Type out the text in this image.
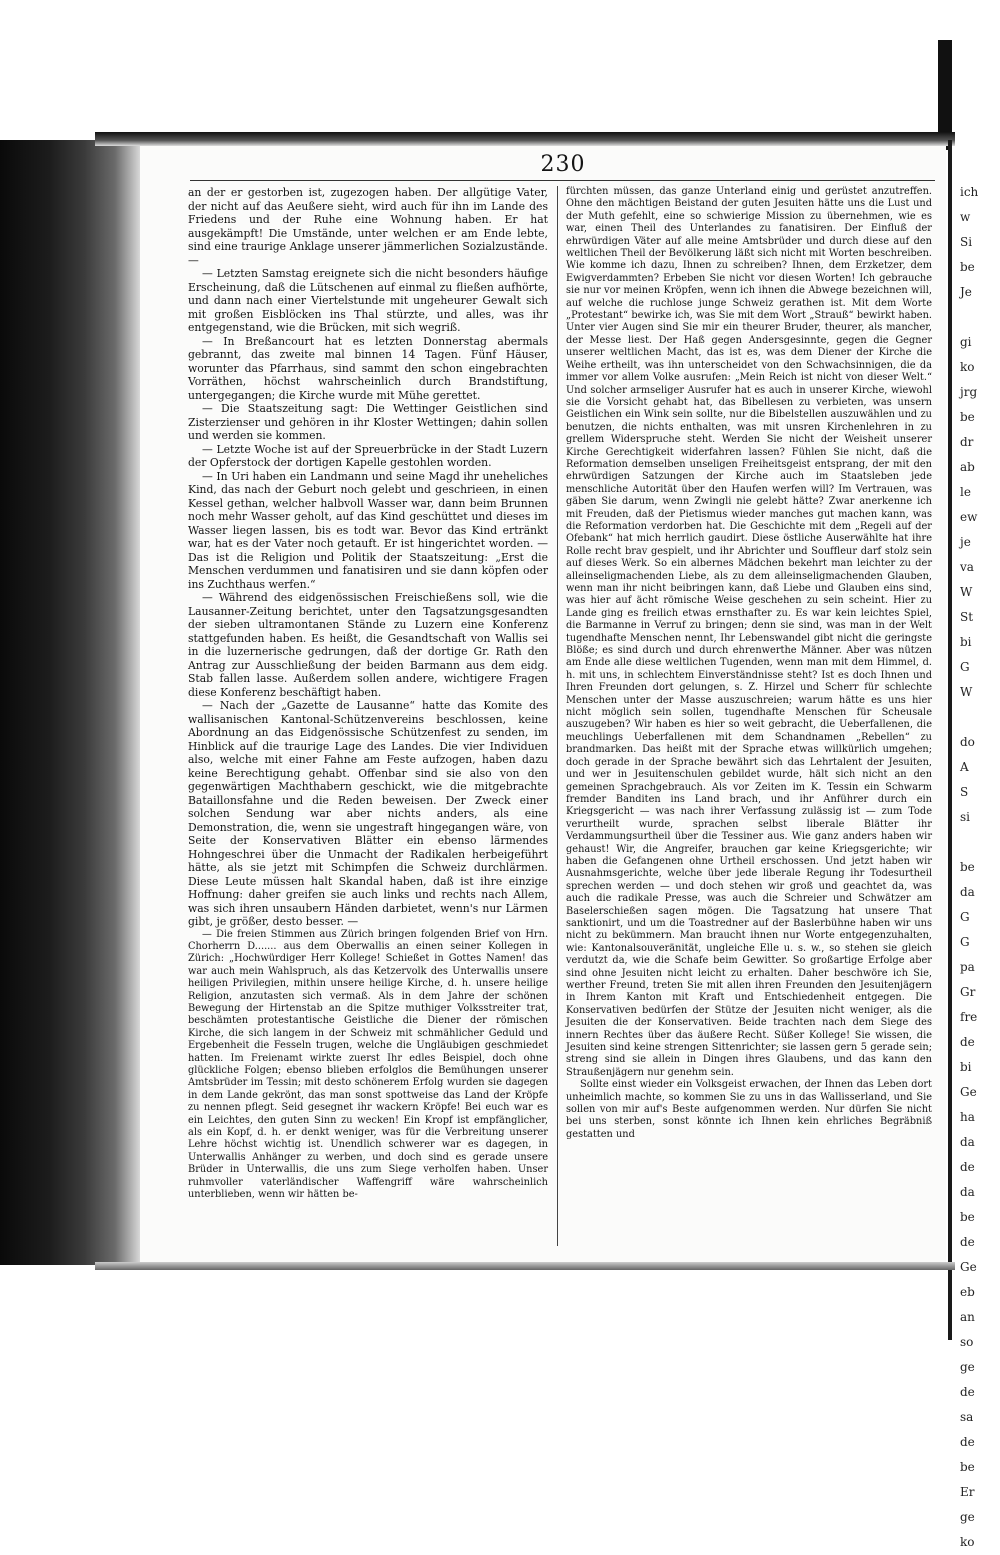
230

an der er gestorben ist, zugezogen haben. Der allgütige Vater, der nicht auf das Aeußere sieht, wird auch für ihn im Lande des Friedens und der Ruhe eine Wohnung haben. Er hat ausgekämpft! Die Umstände, unter welchen er am Ende lebte, sind eine traurige Anklage unserer jämmerlichen Sozialzustände. —

— Letzten Samstag ereignete sich die nicht besonders häufige Erscheinung, daß die Lütschenen auf einmal zu fließen aufhörte, und dann nach einer Viertelstunde mit ungeheurer Gewalt sich mit großen Eisblöcken ins Thal stürzte, und alles, was ihr entgegenstand, wie die Brücken, mit sich wegriß.

— In Breßancourt hat es letzten Donnerstag abermals gebrannt, das zweite mal binnen 14 Tagen. Fünf Häuser, worunter das Pfarrhaus, sind sammt den schon eingebrachten Vorräthen, höchst wahrscheinlich durch Brandstiftung, untergegangen; die Kirche wurde mit Mühe gerettet.

— Die Staatszeitung sagt: Die Wettinger Geistlichen sind Zisterzienser und gehören in ihr Kloster Wettingen; dahin sollen und werden sie kommen.

— Letzte Woche ist auf der Spreuerbrücke in der Stadt Luzern der Opferstock der dortigen Kapelle gestohlen worden.

— In Uri haben ein Landmann und seine Magd ihr uneheliches Kind, das nach der Geburt noch gelebt und geschrieen, in einen Kessel gethan, welcher halbvoll Wasser war, dann beim Brunnen noch mehr Wasser geholt, auf das Kind geschüttet und dieses im Wasser liegen lassen, bis es todt war. Bevor das Kind ertränkt war, hat es der Vater noch getauft. Er ist hingerichtet worden. — Das ist die Religion und Politik der Staatszeitung: „Erst die Menschen verdummen und fanatisiren und sie dann köpfen oder ins Zuchthaus werfen.“

— Während des eidgenössischen Freischießens soll, wie die Lausanner-Zeitung berichtet, unter den Tagsatzungsgesandten der sieben ultramontanen Stände zu Luzern eine Konferenz stattgefunden haben. Es heißt, die Gesandtschaft von Wallis sei in die luzernerische gedrungen, daß der dortige Gr. Rath den Antrag zur Ausschließung der beiden Barmann aus dem eidg. Stab fallen lasse. Außerdem sollen andere, wichtigere Fragen diese Konferenz beschäftigt haben.

— Nach der „Gazette de Lausanne“ hatte das Komite des wallisanischen Kantonal-Schützenvereins beschlossen, keine Abordnung an das Eidgenössische Schützenfest zu senden, im Hinblick auf die traurige Lage des Landes. Die vier Individuen also, welche mit einer Fahne am Feste aufzogen, haben dazu keine Berechtigung gehabt. Offenbar sind sie also von den gegenwärtigen Machthabern geschickt, wie die mitgebrachte Bataillonsfahne und die Reden beweisen. Der Zweck einer solchen Sendung war aber nichts anders, als eine Demonstration, die, wenn sie ungestraft hingegangen wäre, von Seite der Konservativen Blätter ein ebenso lärmendes Hohngeschrei über die Unmacht der Radikalen herbeigeführt hätte, als sie jetzt mit Schimpfen die Schweiz durchlärmen. Diese Leute müssen halt Skandal haben, daß ist ihre einzige Hoffnung: daher greifen sie auch links und rechts nach Allem, was sich ihren unsaubern Händen darbietet, wenn's nur Lärmen gibt, je größer, desto besser. —

— Die freien Stimmen aus Zürich bringen folgenden Brief von Hrn. Chorherrn D....... aus dem Oberwallis an einen seiner Kollegen in Zürich: „Hochwürdiger Herr Kollege! Schießet in Gottes Namen! das war auch mein Wahlspruch, als das Ketzervolk des Unterwallis unsere heiligen Privilegien, mithin unsere heilige Kirche, d. h. unsere heilige Religion, anzutasten sich vermaß. Als in dem Jahre der schönen Bewegung der Hirtenstab an die Spitze muthiger Volksstreiter trat, beschämten protestantische Geistliche die Diener der römischen Kirche, die sich langem in der Schweiz mit schmählicher Geduld und Ergebenheit die Fesseln trugen, welche die Ungläubigen geschmiedet hatten. Im Freienamt wirkte zuerst Ihr edles Beispiel, doch ohne glückliche Folgen; ebenso blieben erfolglos die Bemühungen unserer Amtsbrüder im Tessin; mit desto schönerem Erfolg wurden sie dagegen in dem Lande gekrönt, das man sonst spottweise das Land der Kröpfe zu nennen pflegt. Seid gesegnet ihr wackern Kröpfe! Bei euch war es ein Leichtes, den guten Sinn zu wecken! Ein Kropf ist empfänglicher, als ein Kopf, d. h. er denkt weniger, was für die Verbreitung unserer Lehre höchst wichtig ist. Unendlich schwerer war es dagegen, in Unterwallis Anhänger zu werben, und doch sind es gerade unsere Brüder in Unterwallis, die uns zum Siege verholfen haben. Unser ruhmvoller vaterländischer Waffengriff wäre wahrscheinlich unterblieben, wenn wir hätten be-

fürchten müssen, das ganze Unterland einig und gerüstet anzutreffen. Ohne den mächtigen Beistand der guten Jesuiten hätte uns die Lust und der Muth gefehlt, eine so schwierige Mission zu übernehmen, wie es war, einen Theil des Unterlandes zu fanatisiren. Der Einfluß der ehrwürdigen Väter auf alle meine Amtsbrüder und durch diese auf den weltlichen Theil der Bevölkerung läßt sich nicht mit Worten beschreiben. Wie komme ich dazu, Ihnen zu schreiben? Ihnen, dem Erzketzer, dem Ewigverdammten? Erbeben Sie nicht vor diesen Worten! Ich gebrauche sie nur vor meinen Kröpfen, wenn ich ihnen die Abwege bezeichnen will, auf welche die ruchlose junge Schweiz gerathen ist. Mit dem Worte „Protestant“ bewirke ich, was Sie mit dem Wort „Strauß“ bewirkt haben. Unter vier Augen sind Sie mir ein theurer Bruder, theurer, als mancher, der Messe liest. Der Haß gegen Andersgesinnte, gegen die Gegner unserer weltlichen Macht, das ist es, was dem Diener der Kirche die Weihe ertheilt, was ihn unterscheidet von den Schwachsinnigen, die da immer vor allem Volke ausrufen: „Mein Reich ist nicht von dieser Welt.“ Und solcher armseliger Ausrufer hat es auch in unserer Kirche, wiewohl sie die Vorsicht gehabt hat, das Bibellesen zu verbieten, was unsern Geistlichen ein Wink sein sollte, nur die Bibelstellen auszuwählen und zu benutzen, die nichts enthalten, was mit unsren Kirchenlehren in zu grellem Widerspruche steht. Werden Sie nicht der Weisheit unserer Kirche Gerechtigkeit widerfahren lassen? Fühlen Sie nicht, daß die Reformation demselben unseligen Freiheitsgeist entsprang, der mit den ehrwürdigen Satzungen der Kirche auch im Staatsleben jede menschliche Autorität über den Haufen werfen will? Im Vertrauen, was gäben Sie darum, wenn Zwingli nie gelebt hätte? Zwar anerkenne ich mit Freuden, daß der Pietismus wieder manches gut machen kann, was die Reformation verdorben hat. Die Geschichte mit dem „Regeli auf der Ofebank“ hat mich herrlich gaudirt. Diese östliche Auserwählte hat ihre Rolle recht brav gespielt, und ihr Abrichter und Souffleur darf stolz sein auf dieses Werk. So ein albernes Mädchen bekehrt man leichter zu der alleinseligmachenden Liebe, als zu dem alleinseligmachenden Glauben, wenn man ihr nicht beibringen kann, daß Liebe und Glauben eins sind, was hier auf ächt römische Weise geschehen zu sein scheint. Hier zu Lande ging es freilich etwas ernsthafter zu. Es war kein leichtes Spiel, die Barmanne in Verruf zu bringen; denn sie sind, was man in der Welt tugendhafte Menschen nennt, Ihr Lebenswandel gibt nicht die geringste Blöße; es sind durch und durch ehrenwerthe Männer. Aber was nützen am Ende alle diese weltlichen Tugenden, wenn man mit dem Himmel, d. h. mit uns, in schlechtem Einverständnisse steht? Ist es doch Ihnen und Ihren Freunden dort gelungen, s. Z. Hirzel und Scherr für schlechte Menschen unter der Masse auszuschreien; warum hätte es uns hier nicht möglich sein sollen, tugendhafte Menschen für Scheusale auszugeben? Wir haben es hier so weit gebracht, die Ueberfallenen, die meuchlings Ueberfallenen mit dem Schandnamen „Rebellen“ zu brandmarken. Das heißt mit der Sprache etwas willkürlich umgehen; doch gerade in der Sprache bewährt sich das Lehrtalent der Jesuiten, und wer in Jesuitenschulen gebildet wurde, hält sich nicht an den gemeinen Sprachgebrauch. Als vor Zeiten im K. Tessin ein Schwarm fremder Banditen ins Land brach, und ihr Anführer durch ein Kriegsgericht — was nach ihrer Verfassung zulässig ist — zum Tode verurtheilt wurde, sprachen selbst liberale Blätter ihr Verdammungsurtheil über die Tessiner aus. Wie ganz anders haben wir gehaust! Wir, die Angreifer, brauchen gar keine Kriegsgerichte; wir haben die Gefangenen ohne Urtheil erschossen. Und jetzt haben wir Ausnahmsgerichte, welche über jede liberale Regung ihr Todesurtheil sprechen werden — und doch stehen wir groß und geachtet da, was auch die radikale Presse, was auch die Schreier und Schwätzer am Baselerschießen sagen mögen. Die Tagsatzung hat unsere That sanktionirt, und um die Toastredner auf der Baslerbühne haben wir uns nicht zu bekümmern. Man braucht ihnen nur Worte entgegenzuhalten, wie: Kantonalsouveränität, ungleiche Elle u. s. w., so stehen sie gleich verdutzt da, wie die Schafe beim Gewitter. So großartige Erfolge aber sind ohne Jesuiten nicht leicht zu erhalten. Daher beschwöre ich Sie, werther Freund, treten Sie mit allen ihren Freunden den Jesuitenjägern in Ihrem Kanton mit Kraft und Entschiedenheit entgegen. Die Konservativen bedürfen der Stütze der Jesuiten nicht weniger, als die Jesuiten die der Konservativen. Beide trachten nach dem Siege des innern Rechtes über das äußere Recht. Süßer Kollege! Sie wissen, die Jesuiten sind keine strengen Sittenrichter; sie lassen gern 5 gerade sein; streng sind sie allein in Dingen ihres Glaubens, und das kann den Straußenjägern nur genehm sein.

Sollte einst wieder ein Volksgeist erwachen, der Ihnen das Leben dort unheimlich machte, so kommen Sie zu uns in das Wallisserland, und Sie sollen von mir auf's Beste aufgenommen werden. Nur dürfen Sie nicht bei uns sterben, sonst könnte ich Ihnen kein ehrliches Begräbniß gestatten und

ich
w
Si
be
Je
gi
ko
jrg
be
dr
ab
le
ew
je
va
W
St
bi
G
W
do
A
S
si
be
da
G
G
pa
Gr
fre
de
bi
Ge
ha
da
de
da
be
de
Ge
eb
an
so
ge
de
sa
de
be
Er
ge
ko
